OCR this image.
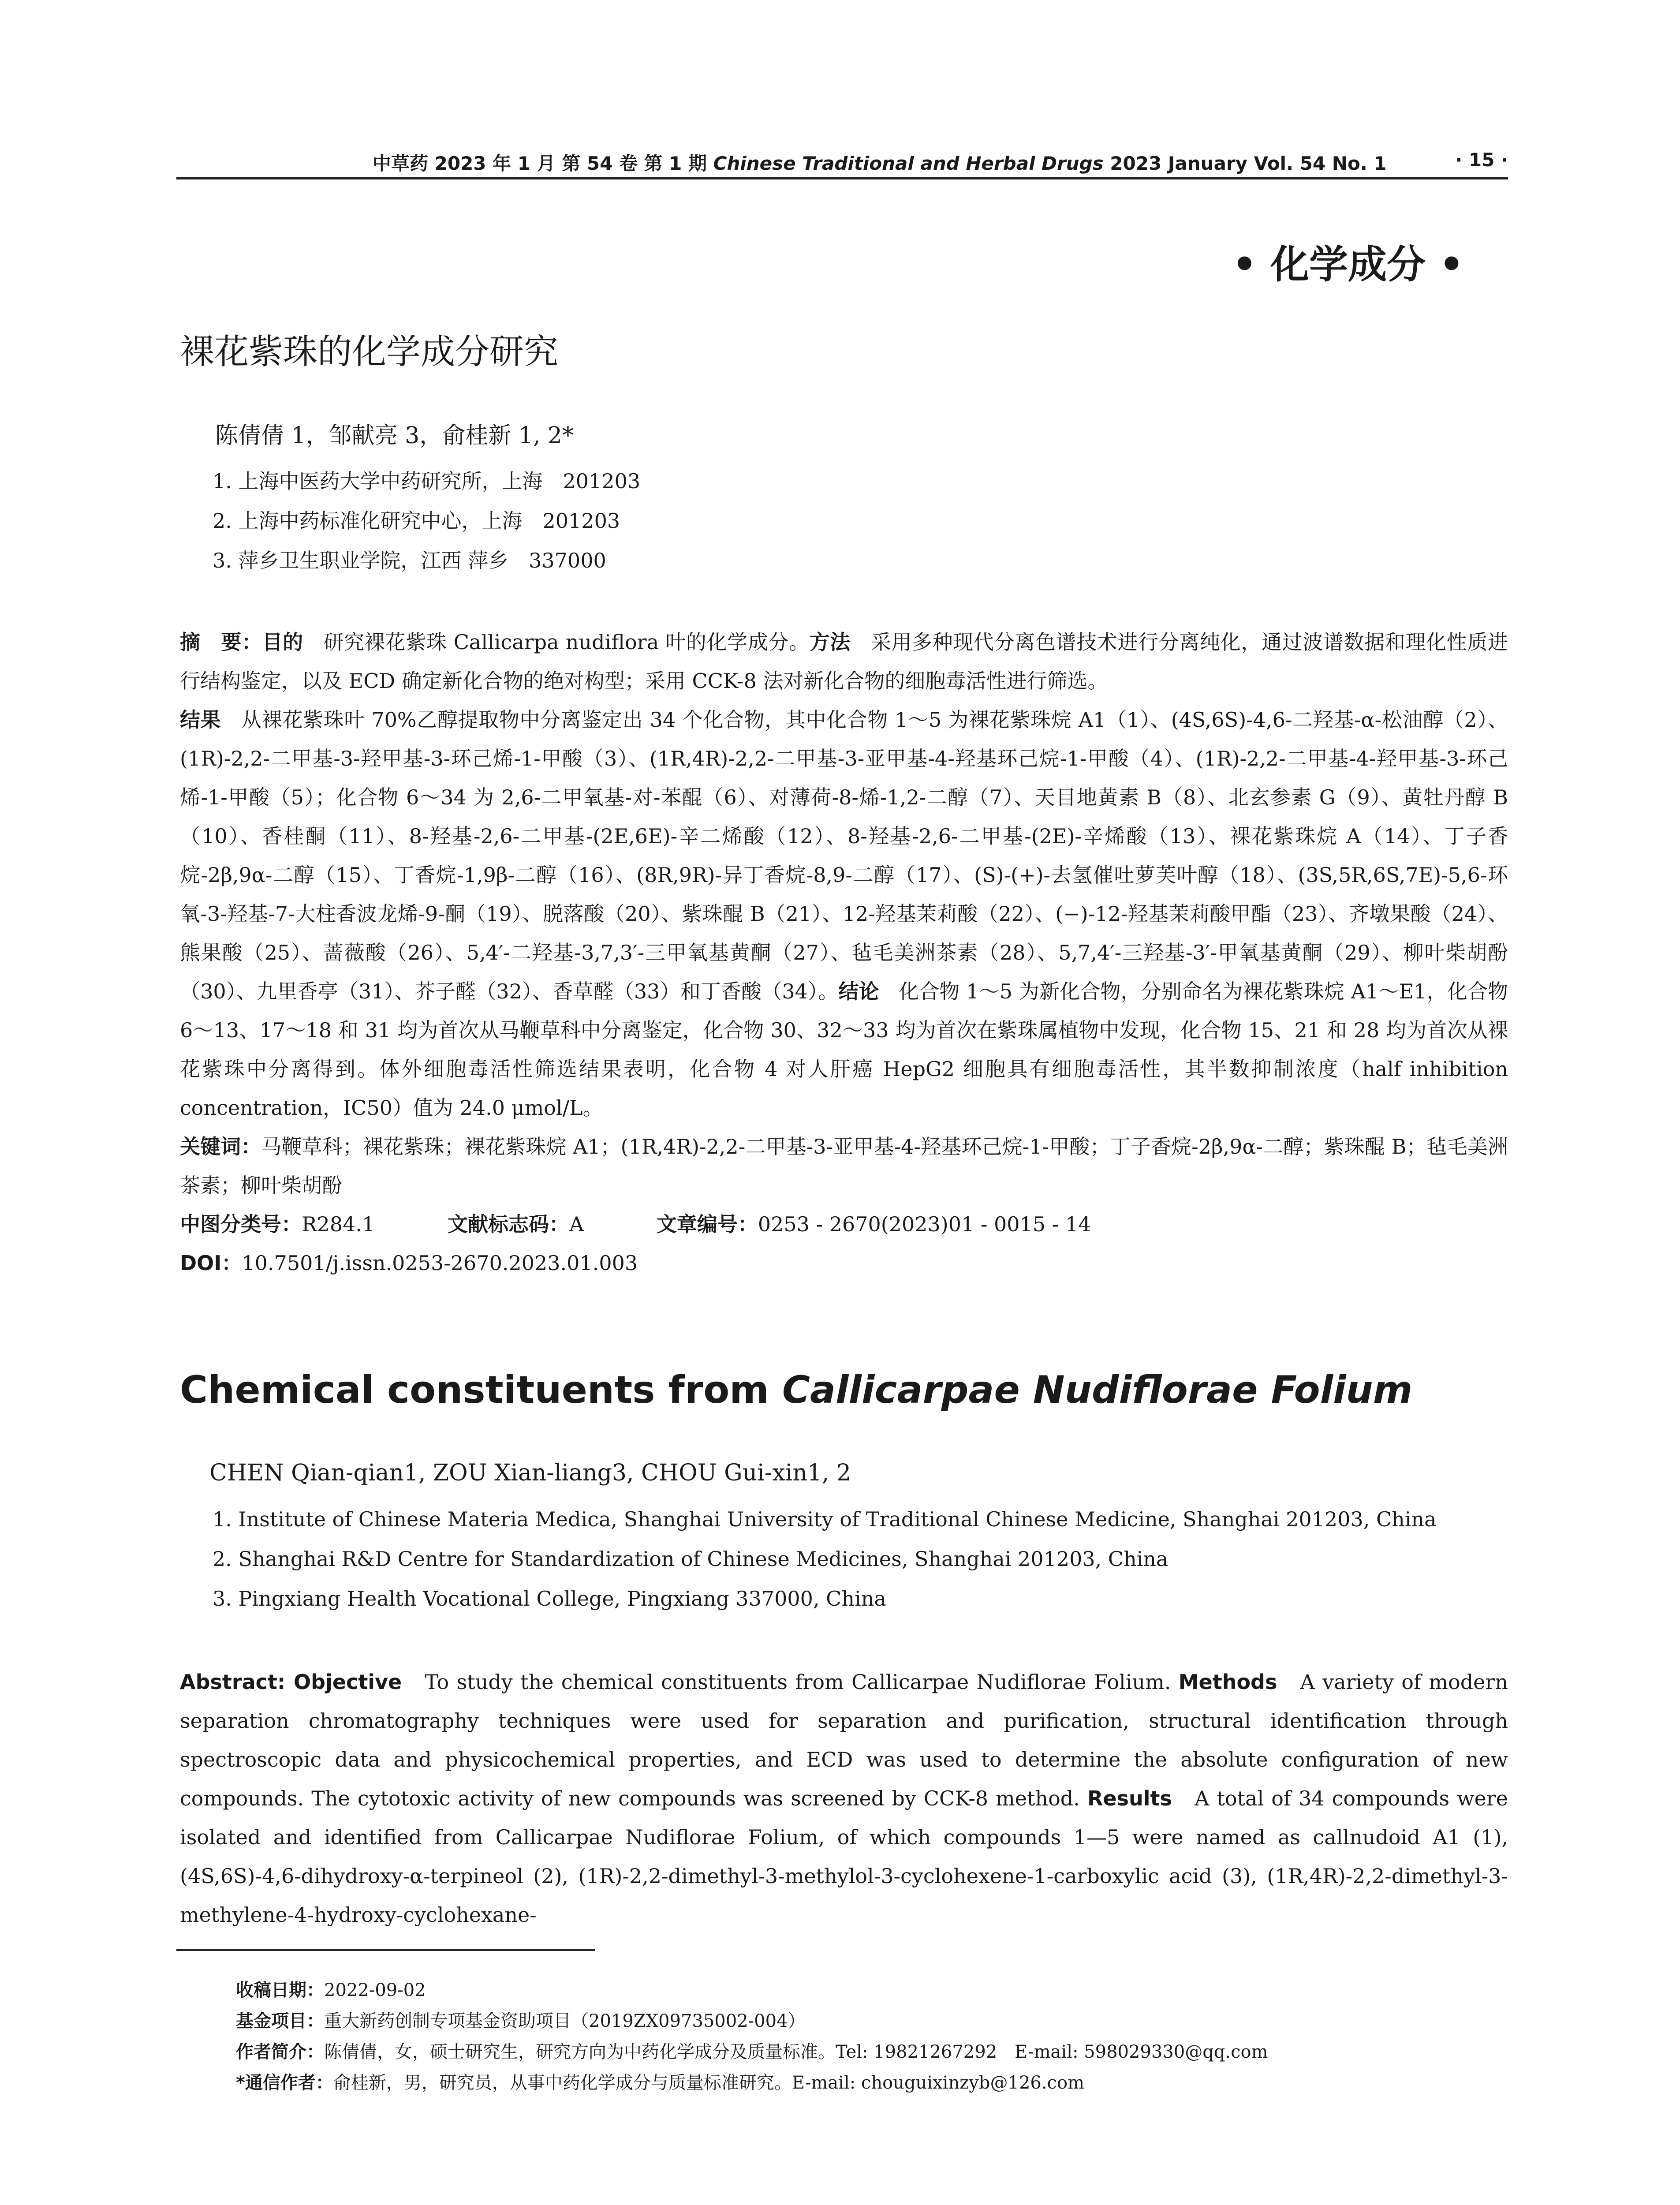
中草药 2023 年 1 月 第 54 卷 第 1 期 Chinese Traditional and Herbal Drugs 2023 January Vol. 54 No. 1	· 15 ·
• 化学成分 •
裸花紫珠的化学成分研究
陈倩倩 1，邹献亮 3，俞桂新 1, 2*
1. 上海中医药大学中药研究所，上海　201203
2. 上海中药标准化研究中心，上海　201203
3. 萍乡卫生职业学院，江西 萍乡　337000

摘　要：目的 研究裸花紫珠 Callicarpa nudiflora 叶的化学成分。方法 采用多种现代分离色谱技术进行分离纯化，通过波谱数据和理化性质进行结构鉴定，以及 ECD 确定新化合物的绝对构型；采用 CCK-8 法对新化合物的细胞毒活性进行筛选。
结果 从裸花紫珠叶 70%乙醇提取物中分离鉴定出 34 个化合物，其中化合物 1～5 为裸花紫珠烷 A1（1）、(4S,6S)-4,6-二羟基-α-松油醇（2）、(1R)-2,2-二甲基-3-羟甲基-3-环己烯-1-甲酸（3）、(1R,4R)-2,2-二甲基-3-亚甲基-4-羟基环己烷-1-甲酸（4）、(1R)-2,2-二甲基-4-羟甲基-3-环己烯-1-甲酸（5）；化合物 6～34 为 2,6-二甲氧基-对-苯醌（6）、对薄荷-8-烯-1,2-二醇（7）、天目地黄素 B（8）、北玄参素 G（9）、黄牡丹醇 B（10）、香桂酮（11）、8-羟基-2,6-二甲基-(2E,6E)-辛二烯酸（12）、8-羟基-2,6-二甲基-(2E)-辛烯酸（13）、裸花紫珠烷 A（14）、丁子香烷-2β,9α-二醇（15）、丁香烷-1,9β-二醇（16）、(8R,9R)-异丁香烷-8,9-二醇（17）、(S)-(+)-去氢催吐萝芙叶醇（18）、(3S,5R,6S,7E)-5,6-环氧-3-羟基-7-大柱香波龙烯-9-酮（19）、脱落酸（20）、紫珠醌 B（21）、12-羟基茉莉酸（22）、(−)-12-羟基茉莉酸甲酯（23）、齐墩果酸（24）、熊果酸（25）、蔷薇酸（26）、5,4′-二羟基-3,7,3′-三甲氧基黄酮（27）、毡毛美洲茶素（28）、5,7,4′-三羟基-3′-甲氧基黄酮（29）、柳叶柴胡酚（30）、九里香亭（31）、芥子醛（32）、香草醛（33）和丁香酸（34）。结论 化合物 1～5 为新化合物，分别命名为裸花紫珠烷 A1～E1，化合物 6～13、17～18 和 31 均为首次从马鞭草科中分离鉴定，化合物 30、32～33 均为首次在紫珠属植物中发现，化合物 15、21 和 28 均为首次从裸花紫珠中分离得到。体外细胞毒活性筛选结果表明，化合物 4 对人肝癌 HepG2 细胞具有细胞毒活性，其半数抑制浓度（half inhibition concentration，IC50）值为 24.0 μmol/L。

关键词：马鞭草科；裸花紫珠；裸花紫珠烷 A1；(1R,4R)-2,2-二甲基-3-亚甲基-4-羟基环己烷-1-甲酸；丁子香烷-2β,9α-二醇；紫珠醌 B；毡毛美洲茶素；柳叶柴胡酚

中图分类号：R284.1	文献标志码：A	文章编号：0253 - 2670(2023)01 - 0015 - 14

DOI：10.7501/j.issn.0253-2670.2023.01.003

Chemical constituents from Callicarpae Nudiflorae Folium
CHEN Qian-qian1, ZOU Xian-liang3, CHOU Gui-xin1, 2
1. Institute of Chinese Materia Medica, Shanghai University of Traditional Chinese Medicine, Shanghai 201203, China
2. Shanghai R&D Centre for Standardization of Chinese Medicines, Shanghai 201203, China
3. Pingxiang Health Vocational College, Pingxiang 337000, China

Abstract: Objective To study the chemical constituents from Callicarpae Nudiflorae Folium. Methods A variety of modern separation chromatography techniques were used for separation and purification, structural identification through spectroscopic data and physicochemical properties, and ECD was used to determine the absolute configuration of new compounds. The cytotoxic activity of new compounds was screened by CCK-8 method. Results A total of 34 compounds were isolated and identified from Callicarpae Nudiflorae Folium, of which compounds 1—5 were named as callnudoid A1 (1), (4S,6S)-4,6-dihydroxy-α-terpineol (2), (1R)-2,2-dimethyl-3-methylol-3-cyclohexene-1-carboxylic acid (3), (1R,4R)-2,2-dimethyl-3-methylene-4-hydroxy-cyclohexane-

收稿日期：2022-09-02

基金项目：重大新药创制专项基金资助项目（2019ZX09735002-004）

作者简介：陈倩倩，女，硕士研究生，研究方向为中药化学成分及质量标准。Tel: 19821267292　E-mail: 598029330@qq.com

*通信作者：俞桂新，男，研究员，从事中药化学成分与质量标准研究。E-mail: chouguixinzyb@126.com
